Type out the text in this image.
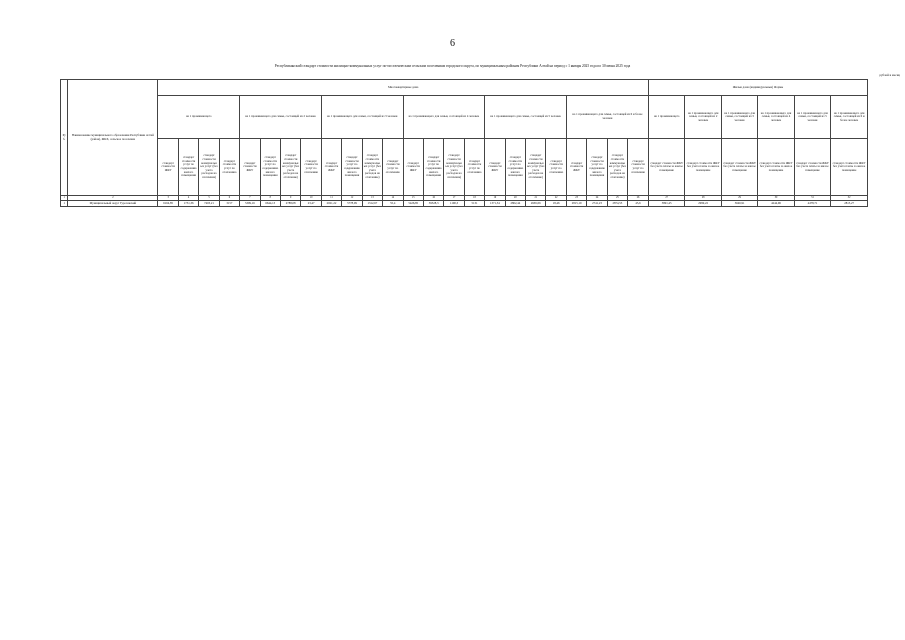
6
Республиканский стандарт стоимости жилищно-коммунальных услуг по-поселенческим сельским поселениям городского округа, по муниципальным районам Республики Алтай на период с 1 января 2025 года по 30 июня 2025 года
рублей в месяц
Руб.	Наименование муниципального образования Республики Алтай (район), ЖКХ, сельское поселение	Многоквартирные дома																								Жилые дома (индивидуальные) Формы					
		на 1 проживающего				на 1 проживающего для семьи, состоящей из 2 человек				на 1 проживающего для семьи, состоящей из 3 человек				на 1 проживающего для семьи, состоящей из 4 человек				на 1 проживающего для семьи, состоящей из 5 человек				на 1 проживающего для семьи, состоящей из 6 и более человек				на 1 проживающего	на 1 проживающего для семьи, состоящей из 2 человек	на 1 проживающего для семьи, состоящей из 3 человек	на 1 проживающего для семьи, состоящей из 4 человек	на 1 проживающего для семьи, состоящей из 5 человек	на 1 проживающего для семьи, состоящей из 6 и более человек
		стандарт стоимости ЖКУ	стандарт стоимости услуг по содержанию жилого помещения	стандарт стоимости коммунальных услуг (без учета расходов на отопление)	стандарт стоимости услуг по отоплению	стандарт стоимости ЖКУ	стандарт стоимости услуг по содержанию жилого помещения	стандарт стоимости коммунальных услуг (без учета расходов на отопление)	стандарт стоимости услуг по отоплению	стандарт стоимости ЖКУ	стандарт стоимости услуг по содержанию жилого помещения	стандарт стоимости коммунальных услуг (без учета расходов на отопление)	стандарт стоимости услуг по отоплению	стандарт стоимости ЖКУ	стандарт стоимости услуг по содержанию жилого помещения	стандарт стоимости коммунальных услуг (без учета расходов на отопление)	стандарт стоимости услуг по отоплению	стандарт стоимости ЖКУ	стандарт стоимости услуг по содержанию жилого помещения	стандарт стоимости коммунальных услуг (без учета расходов на отопление)	стандарт стоимости услуг по отоплению	стандарт стоимости ЖКУ	стандарт стоимости услуг по содержанию жилого помещения	стандарт стоимости коммунальных услуг (без учета расходов на отопление)	стандарт стоимости услуг по отоплению	стандарт стоимости ЖКУ без учета платы за жилое помещение	стандарт стоимости ЖКУ без учета платы за жилое помещение	стандарт стоимости ЖКУ без учета платы за жилое помещение	стандарт стоимости ЖКУ без учета платы за жилое помещение	стандарт стоимости ЖКУ без учета платы за жилое помещение	стандарт стоимости ЖКУ без учета платы за жилое помещение
1	2	3	4	5	6	7	8	9	10	11	12	13	14	15	16	17	18	19	20	21	22	23	24	25	26	27	28	29	30	31	32
1	Муниципальный округ Турочакский	6164,85	1731,36	7403,21	3157	5399,16	6644,13	2788,08	23,47	2021,22	5778,09	1312,67	55,4	5426,85	39328,3	1190,3	5131	1371,34	2802,44	4965,06	18,46	2815,19	2741,23	2874,53	45,6	3891,45	2999,22	3646,91	4244,96	4478,71	2815,27
